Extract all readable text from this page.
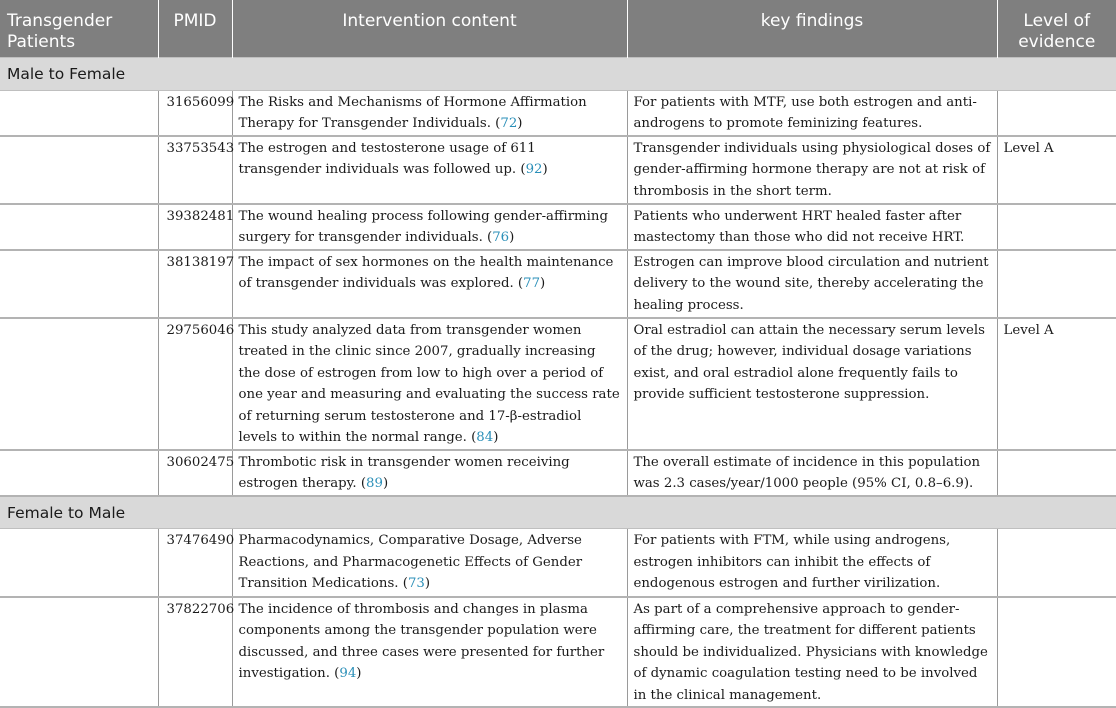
Transgender Patients	PMID	Intervention content	key findings	Level of evidence
Male to Female				
	31656099	The Risks and Mechanisms of Hormone Affirmation Therapy for Transgender Individuals. (72)	For patients with MTF, use both estrogen and anti-androgens to promote feminizing features.	
	33753543	The estrogen and testosterone usage of 611 transgender individuals was followed up. (92)	Transgender individuals using physiological doses of gender-affirming hormone therapy are not at risk of thrombosis in the short term.	Level A
	39382481	The wound healing process following gender-affirming surgery for transgender individuals. (76)	Patients who underwent HRT healed faster after mastectomy than those who did not receive HRT.	
	38138197	The impact of sex hormones on the health maintenance of transgender individuals was explored. (77)	Estrogen can improve blood circulation and nutrient delivery to the wound site, thereby accelerating the healing process.	
	29756046	This study analyzed data from transgender women treated in the clinic since 2007, gradually increasing the dose of estrogen from low to high over a period of one year and measuring and evaluating the success rate of returning serum testosterone and 17-β-estradiol levels to within the normal range. (84)	Oral estradiol can attain the necessary serum levels of the drug; however, individual dosage variations exist, and oral estradiol alone frequently fails to provide sufficient testosterone suppression.	Level A
	30602475	Thrombotic risk in transgender women receiving estrogen therapy. (89)	The overall estimate of incidence in this population was 2.3 cases/year/1000 people (95% CI, 0.8–6.9).	
Female to Male				
	37476490	Pharmacodynamics, Comparative Dosage, Adverse Reactions, and Pharmacogenetic Effects of Gender Transition Medications. (73)	For patients with FTM, while using androgens, estrogen inhibitors can inhibit the effects of endogenous estrogen and further virilization.	
	37822706	The incidence of thrombosis and changes in plasma components among the transgender population were discussed, and three cases were presented for further investigation. (94)	As part of a comprehensive approach to gender-affirming care, the treatment for different patients should be individualized. Physicians with knowledge of dynamic coagulation testing need to be involved in the clinical management.	
